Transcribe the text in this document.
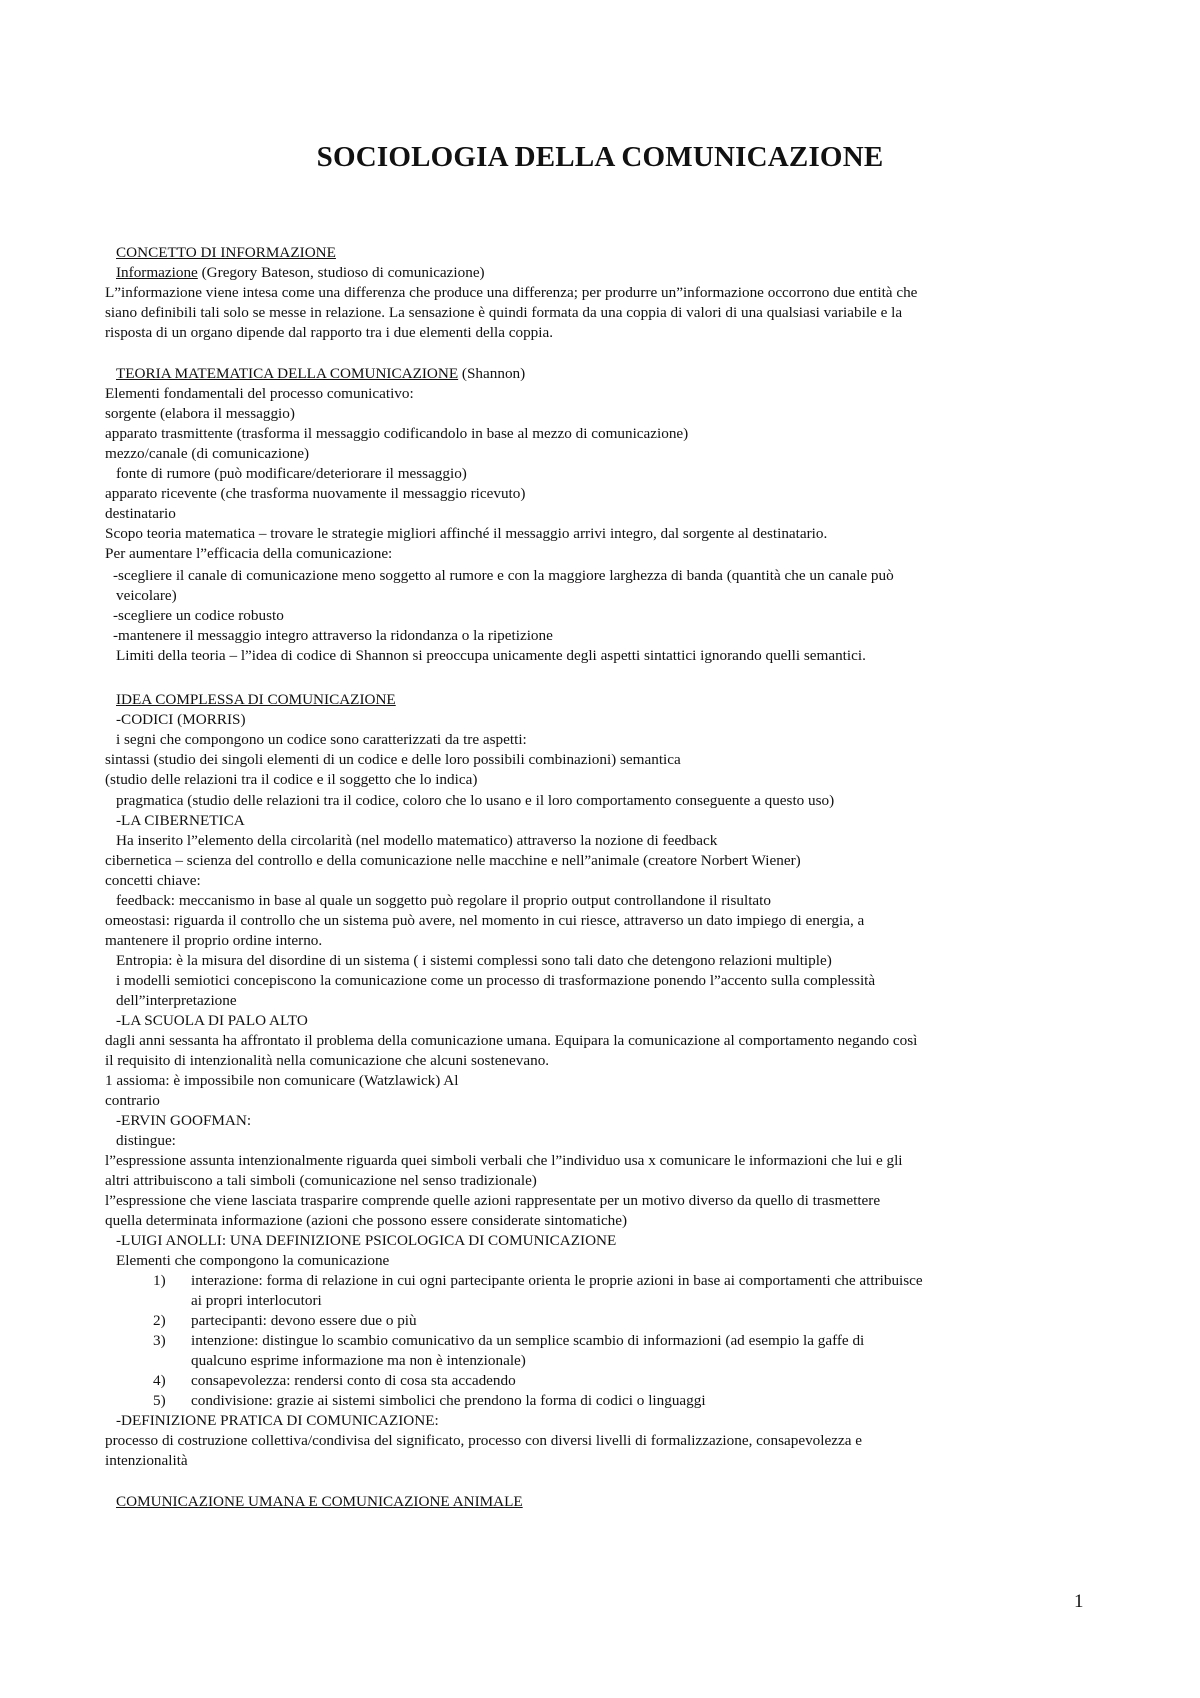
SOCIOLOGIA DELLA COMUNICAZIONE
CONCETTO DI INFORMAZIONE
Informazione (Gregory Bateson, studioso di comunicazione)
L”informazione viene intesa come una differenza che produce una differenza; per produrre un”informazione occorrono due entità che
siano definibili tali solo se messe in relazione. La sensazione è quindi formata da una coppia di valori di una qualsiasi variabile e la
risposta di un organo dipende dal rapporto tra i due elementi della coppia.
TEORIA MATEMATICA DELLA COMUNICAZIONE (Shannon)
Elementi fondamentali del processo comunicativo:
sorgente (elabora il messaggio)
apparato trasmittente (trasforma il messaggio codificandolo in base al mezzo di comunicazione)
mezzo/canale (di comunicazione)
fonte di rumore (può modificare/deteriorare il messaggio)
apparato ricevente (che trasforma nuovamente il messaggio ricevuto)
destinatario
Scopo teoria matematica – trovare le strategie migliori affinché il messaggio arrivi integro, dal sorgente al destinatario.
Per aumentare l”efficacia della comunicazione:
-scegliere il canale di comunicazione meno soggetto al rumore e con la maggiore larghezza di banda (quantità che un canale può
veicolare)
-scegliere un codice robusto
-mantenere il messaggio integro attraverso la ridondanza o la ripetizione
Limiti della teoria – l”idea di codice di Shannon si preoccupa unicamente degli aspetti sintattici ignorando quelli semantici.
IDEA COMPLESSA DI COMUNICAZIONE
-CODICI (MORRIS)
i segni che compongono un codice sono caratterizzati da tre aspetti:
sintassi (studio dei singoli elementi di un codice e delle loro possibili combinazioni) semantica
(studio delle relazioni tra il codice e il soggetto che lo indica)
pragmatica (studio delle relazioni tra il codice, coloro che lo usano e il loro comportamento conseguente a questo uso)
-LA CIBERNETICA
Ha inserito l”elemento della circolarità (nel modello matematico) attraverso la nozione di feedback
cibernetica – scienza del controllo e della comunicazione nelle macchine e nell”animale (creatore Norbert Wiener)
concetti chiave:
feedback: meccanismo in base al quale un soggetto può regolare il proprio output controllandone il risultato
omeostasi: riguarda il controllo che un sistema può avere, nel momento in cui riesce, attraverso un dato impiego di energia, a
mantenere il proprio ordine interno.
Entropia: è la misura del disordine di un sistema ( i sistemi complessi sono tali dato che detengono relazioni multiple)
i modelli semiotici concepiscono la comunicazione come un processo di trasformazione ponendo l”accento sulla complessità
dell”interpretazione
-LA SCUOLA DI PALO ALTO
dagli anni sessanta ha affrontato il problema della comunicazione umana. Equipara la comunicazione al comportamento negando così
il requisito di intenzionalità nella comunicazione che alcuni sostenevano.
1 assioma: è impossibile non comunicare (Watzlawick) Al
contrario
-ERVIN GOOFMAN:
distingue:
l”espressione assunta intenzionalmente riguarda quei simboli verbali che l”individuo usa x comunicare le informazioni che lui e gli
altri attribuiscono a tali simboli (comunicazione nel senso tradizionale)
l”espressione che viene lasciata trasparire comprende quelle azioni rappresentate per un motivo diverso da quello di trasmettere
quella determinata informazione (azioni che possono essere considerate sintomatiche)
-LUIGI ANOLLI: UNA DEFINIZIONE PSICOLOGICA DI COMUNICAZIONE
Elementi che compongono la comunicazione
1) interazione: forma di relazione in cui ogni partecipante orienta le proprie azioni in base ai comportamenti che attribuisce
ai propri interlocutori
2) partecipanti: devono essere due o più
3) intenzione: distingue lo scambio comunicativo da un semplice scambio di informazioni (ad esempio la gaffe di
qualcuno esprime informazione ma non è intenzionale)
4) consapevolezza: rendersi conto di cosa sta accadendo
5) condivisione: grazie ai sistemi simbolici che prendono la forma di codici o linguaggi
-DEFINIZIONE PRATICA DI COMUNICAZIONE:
processo di costruzione collettiva/condivisa del significato, processo con diversi livelli di formalizzazione, consapevolezza e
intenzionalità
COMUNICAZIONE UMANA E COMUNICAZIONE ANIMALE
1
